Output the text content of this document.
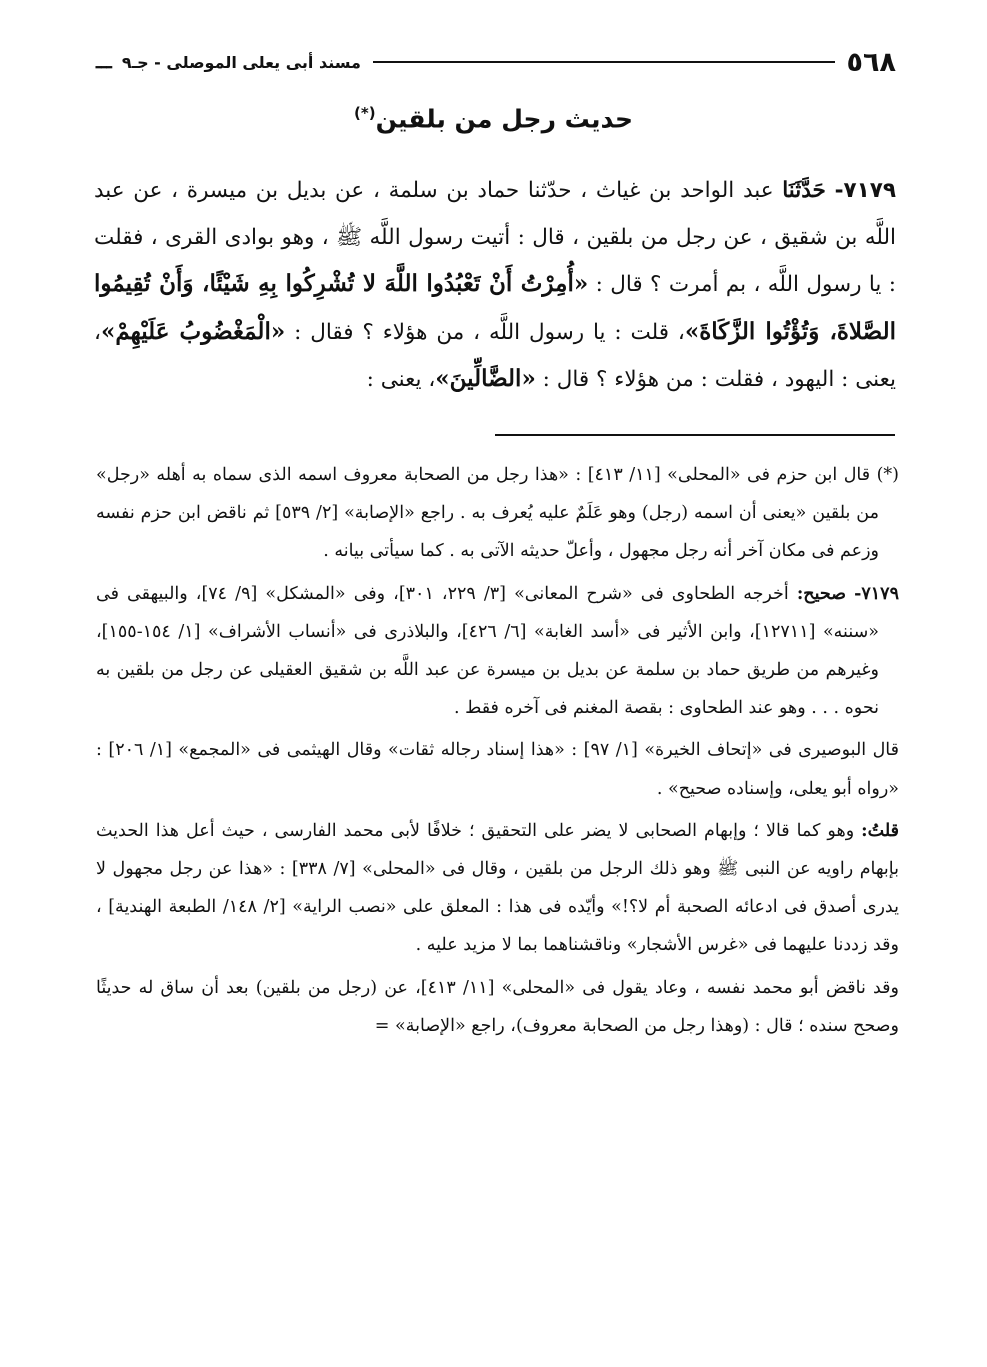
٥٦٨
مسند أبى يعلى الموصلى - جـ٩
ـــ
حديث رجل من بلقين(*)

٧١٧٩- حَدَّثَنَا عبد الواحد بن غياث ، حدّثنا حماد بن سلمة ، عن بديل بن ميسرة ، عن عبد اللَّه بن شقيق ، عن رجل من بلقين ، قال : أتيت رسول اللَّه ﷺ ، وهو بوادى القرى ، فقلت : يا رسول اللَّه ، بم أمرت ؟ قال : «أُمِرْتُ أَنْ تَعْبُدُوا اللَّهَ لا تُشْرِكُوا بِهِ شَيْئًا، وَأَنْ تُقِيمُوا الصَّلاةَ، وَتُؤْتُوا الزَّكَاةَ»، قلت : يا رسول اللَّه ، من هؤلاء ؟ فقال : «الْمَغْضُوبُ عَلَيْهِمْ»، يعنى : اليهود ، فقلت : من هؤلاء ؟ قال : «الضَّالِّينَ»، يعنى :

(*) قال ابن حزم فى «المحلى» [١١/ ٤١٣] : «هذا رجل من الصحابة معروف اسمه الذى سماه به أهله «رجل» من بلقين «يعنى أن اسمه (رجل) وهو عَلَمٌ عليه يُعرف به . راجع «الإصابة» [٢/ ٥٣٩] ثم ناقض ابن حزم نفسه وزعم فى مكان آخر أنه رجل مجهول ، وأعلّ حديثه الآتى به . كما سيأتى بيانه .

٧١٧٩- صحيح: أخرجه الطحاوى فى «شرح المعانى» [٣/ ٢٢٩، ٣٠١]، وفى «المشكل» [٩/ ٧٤]، والبيهقى فى «سننه» [١٢٧١١]، وابن الأثير فى «أسد الغابة» [٦/ ٤٢٦]، والبلاذرى فى «أنساب الأشراف» [١/ ١٥٤-١٥٥]، وغيرهم من طريق حماد بن سلمة عن بديل بن ميسرة عن عبد اللَّه بن شقيق العقيلى عن رجل من بلقين به نحوه . . . وهو عند الطحاوى : بقصة المغنم فى آخره فقط .

قال البوصيرى فى «إتحاف الخيرة» [١/ ٩٧] : «هذا إسناد رجاله ثقات» وقال الهيثمى فى «المجمع» [١/ ٢٠٦] : «رواه أبو يعلى، وإسناده صحيح» .

قلتُ: وهو كما قالا ؛ وإبهام الصحابى لا يضر على التحقيق ؛ خلافًا لأبى محمد الفارسى ، حيث أعل هذا الحديث بإبهام راويه عن النبى ﷺ وهو ذلك الرجل من بلقين ، وقال فى «المحلى» [٧/ ٣٣٨] : «هذا عن رجل مجهول لا يدرى أصدق فى ادعائه الصحبة أم لا؟!» وأيّده فى هذا : المعلق على «نصب الراية» [٢/ ١٤٨/ الطبعة الهندية] ، وقد زددنا عليهما فى «غرس الأشجار» وناقشناهما بما لا مزيد عليه .

وقد ناقض أبو محمد نفسه ، وعاد يقول فى «المحلى» [١١/ ٤١٣]، عن (رجل من بلقين) بعد أن ساق له حديثًا وصحح سنده ؛ قال : (وهذا رجل من الصحابة معروف)، راجع «الإصابة» =
